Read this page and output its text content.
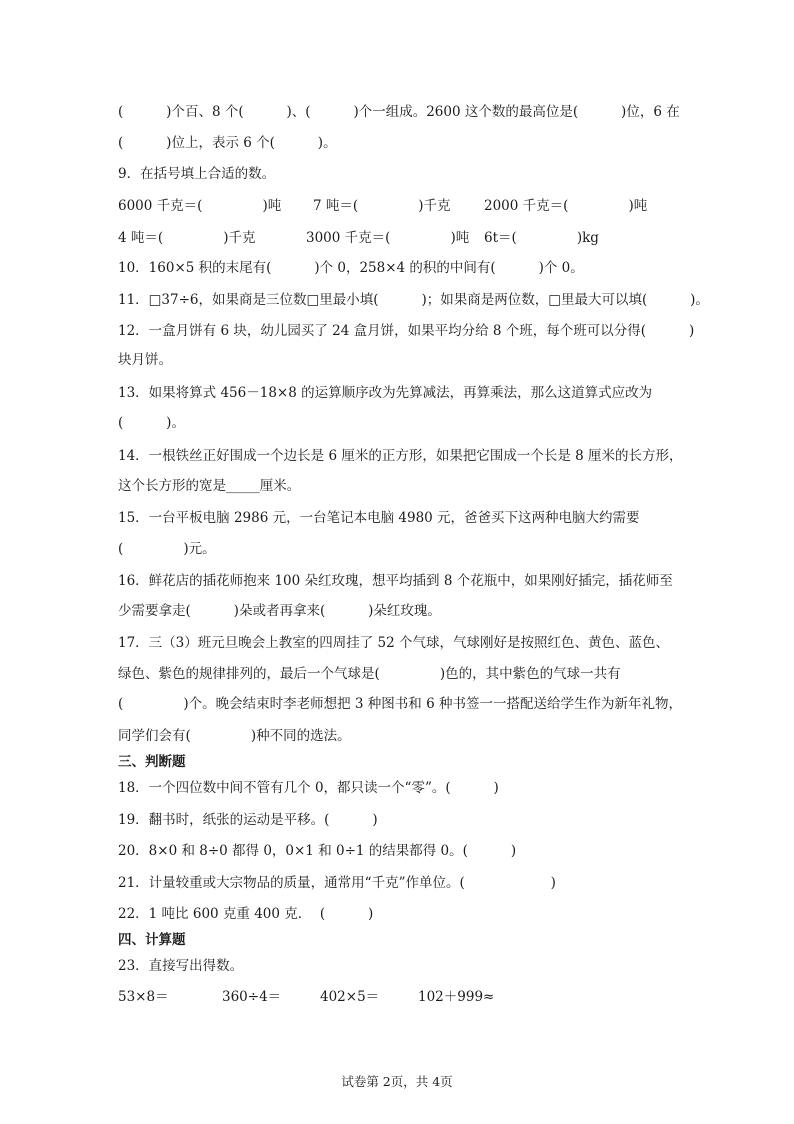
(          )个百、8 个(          )、(          )个一组成。2600 这个数的最高位是(          )位，6 在

(          )位上，表示 6 个(          )。

9．在括号填上合适的数。

6000 千克＝(              )吨 7 吨＝(              )千克 2000 千克＝(              )吨

4 吨＝(              )千克	3000 千克＝(              )吨 6t＝(              )kg

10．160×5 积的末尾有(          )个 0，258×4 的积的中间有(          )个 0。

11．□37÷6，如果商是三位数□里最小填(          )；如果商是两位数，□里最大可以填(          )。

12．一盒月饼有 6 块，幼儿园买了 24 盒月饼，如果平均分给 8 个班，每个班可以分得(          )

块月饼。

13．如果将算式 456－18×8 的运算顺序改为先算减法，再算乘法，那么这道算式应改为

(          )。

14．一根铁丝正好围成一个边长是 6 厘米的正方形，如果把它围成一个长是 8 厘米的长方形，

这个长方形的宽是_____厘米。

15．一台平板电脑 2986 元，一台笔记本电脑 4980 元，爸爸买下这两种电脑大约需要

(              )元。

16．鲜花店的插花师抱来 100 朵红玫瑰，想平均插到 8 个花瓶中，如果刚好插完，插花师至

少需要拿走(          )朵或者再拿来(          )朵红玫瑰。

17．三（3）班元旦晚会上教室的四周挂了 52 个气球，气球刚好是按照红色、黄色、蓝色、

绿色、紫色的规律排列的，最后一个气球是(              )色的，其中紫色的气球一共有

(              )个。晚会结束时李老师想把 3 种图书和 6 种书签一一搭配送给学生作为新年礼物，

同学们会有(              )种不同的选法。

三、判断题

18．一个四位数中间不管有几个 0，都只读一个“零”。(          )

19．翻书时，纸张的运动是平移。(          )

20．8×0 和 8÷0 都得 0，0×1 和 0÷1 的结果都得 0。(          )

21．计量较重或大宗物品的质量，通常用“千克”作单位。(                    )

22．1 吨比 600 克重 400 克．  (          )

四、计算题

23．直接写出得数。

53×8＝	360÷4＝	402×5＝	102＋999≈

试卷第 2页，共 4页
